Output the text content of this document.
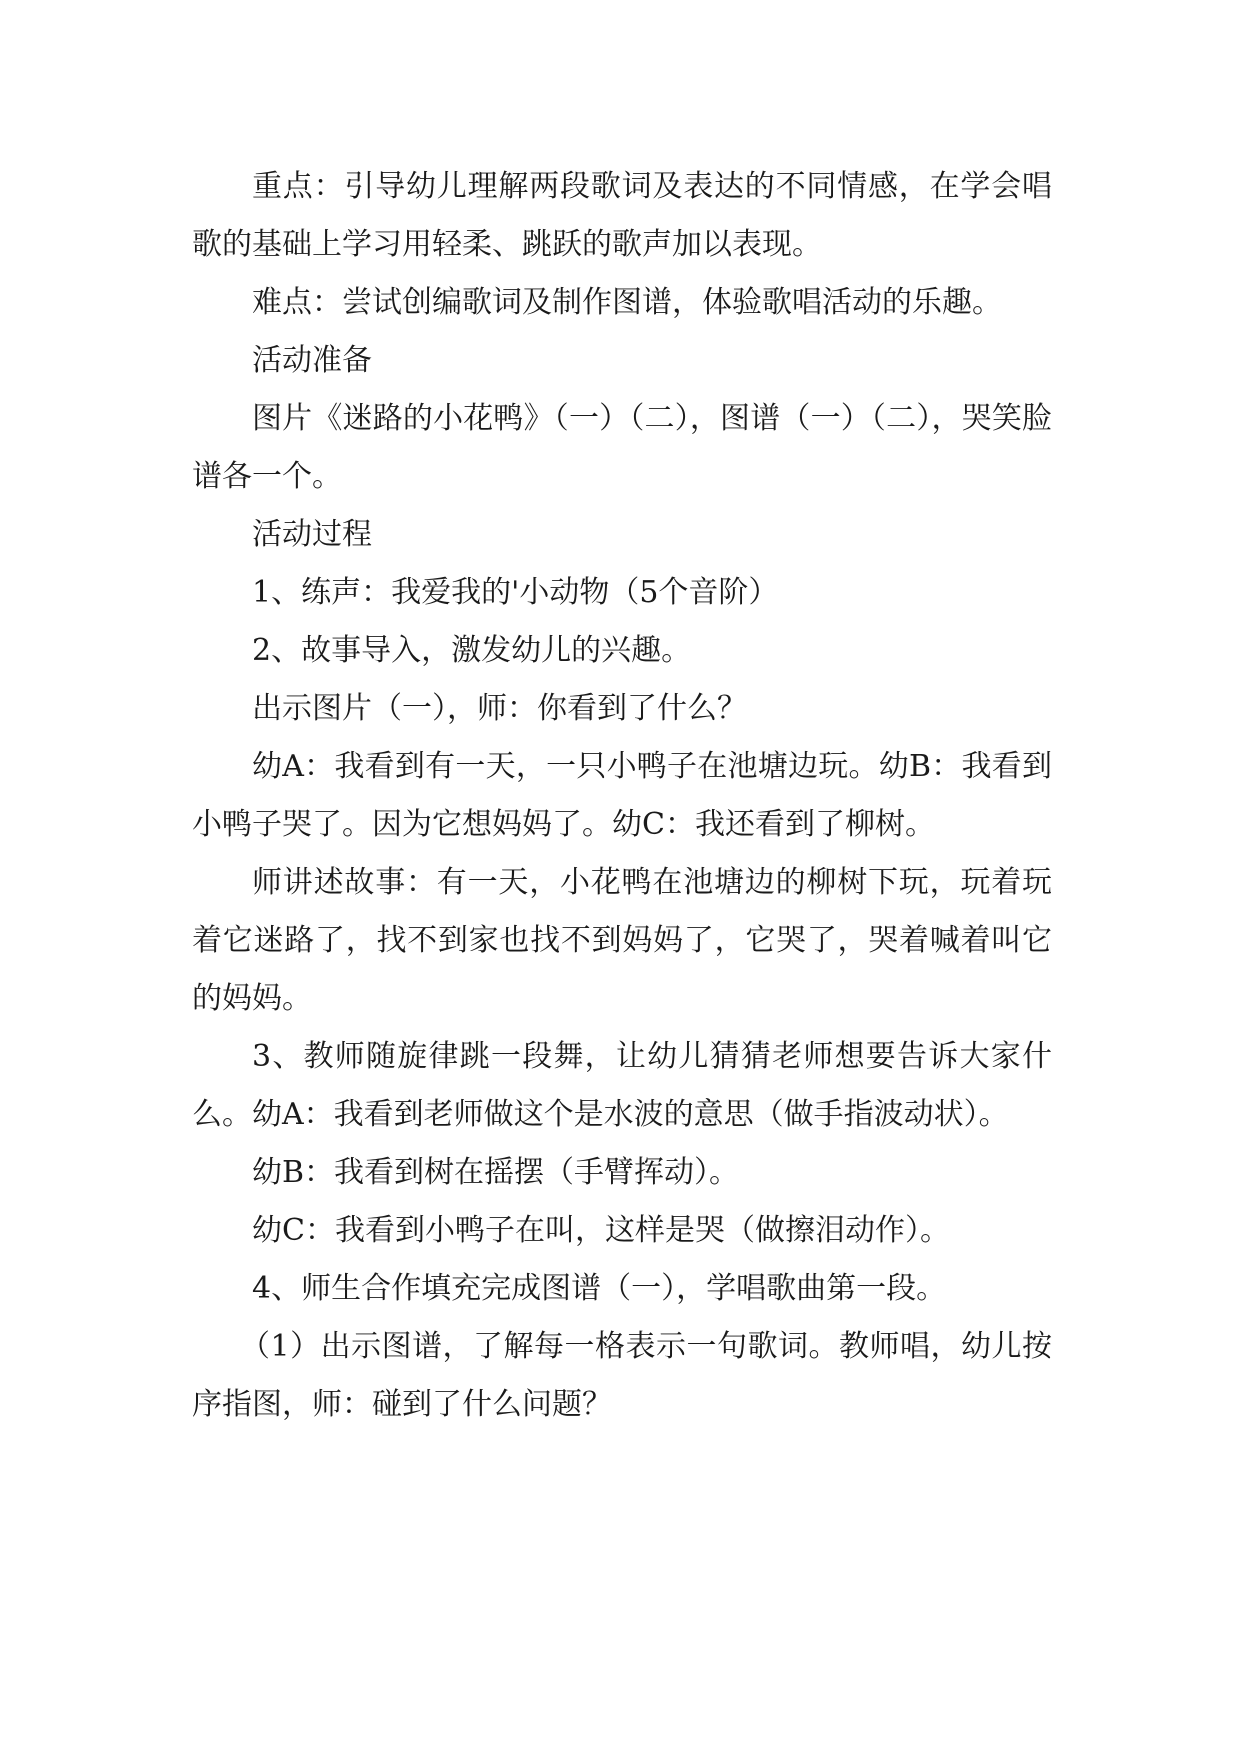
重点：引导幼儿理解两段歌词及表达的不同情感，在学会唱歌的基础上学习用轻柔、跳跃的歌声加以表现。

难点：尝试创编歌词及制作图谱，体验歌唱活动的乐趣。

活动准备

图片《迷路的小花鸭》（一）（二），图谱（一）（二），哭笑脸谱各一个。

活动过程

1、练声：我爱我的'小动物（5个音阶）

2、故事导入，激发幼儿的兴趣。

出示图片（一），师：你看到了什么？

幼A：我看到有一天，一只小鸭子在池塘边玩。幼B：我看到小鸭子哭了。因为它想妈妈了。幼C：我还看到了柳树。

师讲述故事：有一天，小花鸭在池塘边的柳树下玩，玩着玩着它迷路了，找不到家也找不到妈妈了，它哭了，哭着喊着叫它的妈妈。

3、教师随旋律跳一段舞，让幼儿猜猜老师想要告诉大家什么。幼A：我看到老师做这个是水波的意思（做手指波动状）。

幼B：我看到树在摇摆（手臂挥动）。

幼C：我看到小鸭子在叫，这样是哭（做擦泪动作）。

4、师生合作填充完成图谱（一），学唱歌曲第一段。

（1）出示图谱，了解每一格表示一句歌词。教师唱，幼儿按序指图，师：碰到了什么问题？
